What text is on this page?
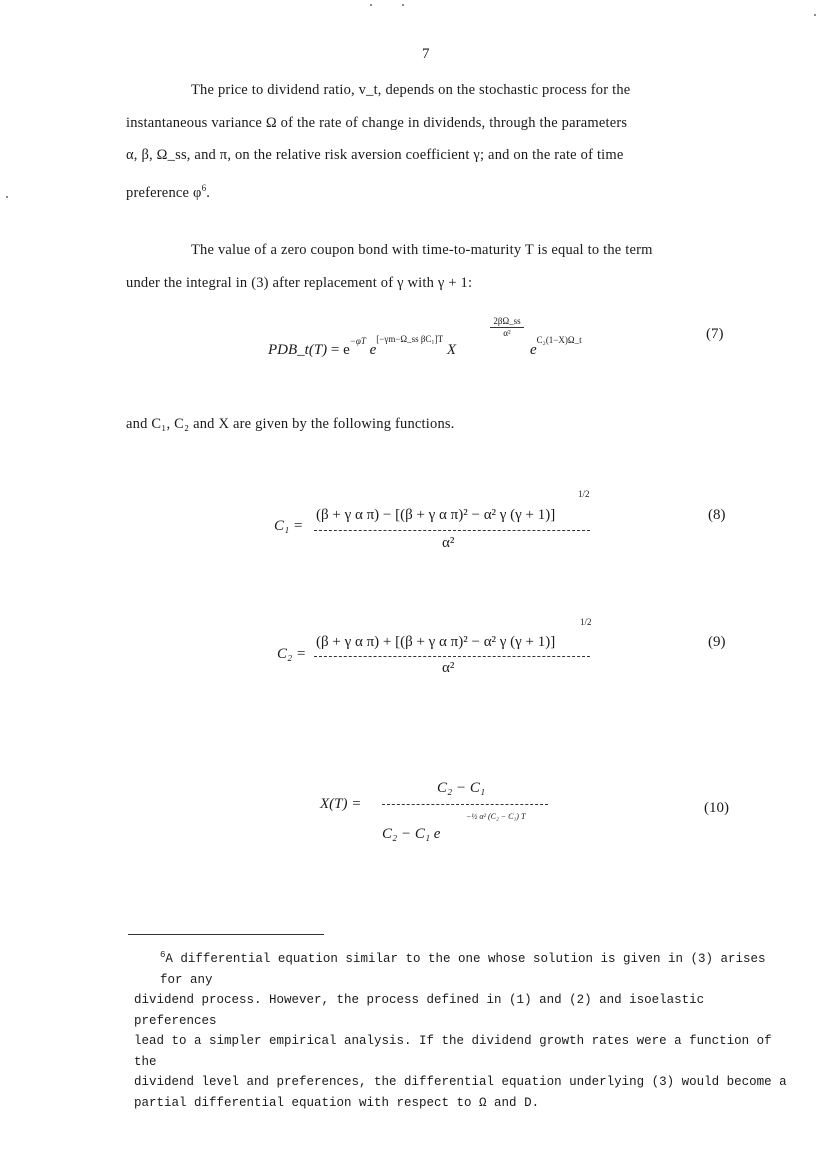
7

The price to dividend ratio, v_t, depends on the stochastic process for the

instantaneous variance Ω of the rate of change in dividends, through the parameters

α, β, Ω_ss, and π, on the relative risk aversion coefficient γ; and on the rate of time

preference $\varphi^6$.

The value of a zero coupon bond with time-to-maturity T is equal to the term

under the integral in (3) after replacement of γ with γ + 1:

PDB_t(T) = $e^{-\varphi T}$ $e^{[-\gamma m-\Omega\_ss \beta C_1]T}$ X
$\frac{2\beta\Omega\_ss}{\text{α²}}$
$e^{C_2(1-X)\Omega\_t}$	(7)

and C₁, C₂ and X are given by the following functions.

C₁ =
(β + γ α π) − [(β + γ α π)² − α² γ (γ + 1)]
1/2
α²
(8)
C₂ =
(β + γ α π) + [(β + γ α π)² − α² γ (γ + 1)]
1/2
α²
(9)
X(T) =
C₂ − C₁
C₂ − C₁ e
−½ α² (C₂ − C₁) T
(10)

$^6$A differential equation similar to the one whose solution is given in (3) arises for any

dividend process. However, the process defined in (1) and (2) and isoelastic preferences

lead to a simpler empirical analysis. If the dividend growth rates were a function of the

dividend level and preferences, the differential equation underlying (3) would become a

partial differential equation with respect to Ω and D.
